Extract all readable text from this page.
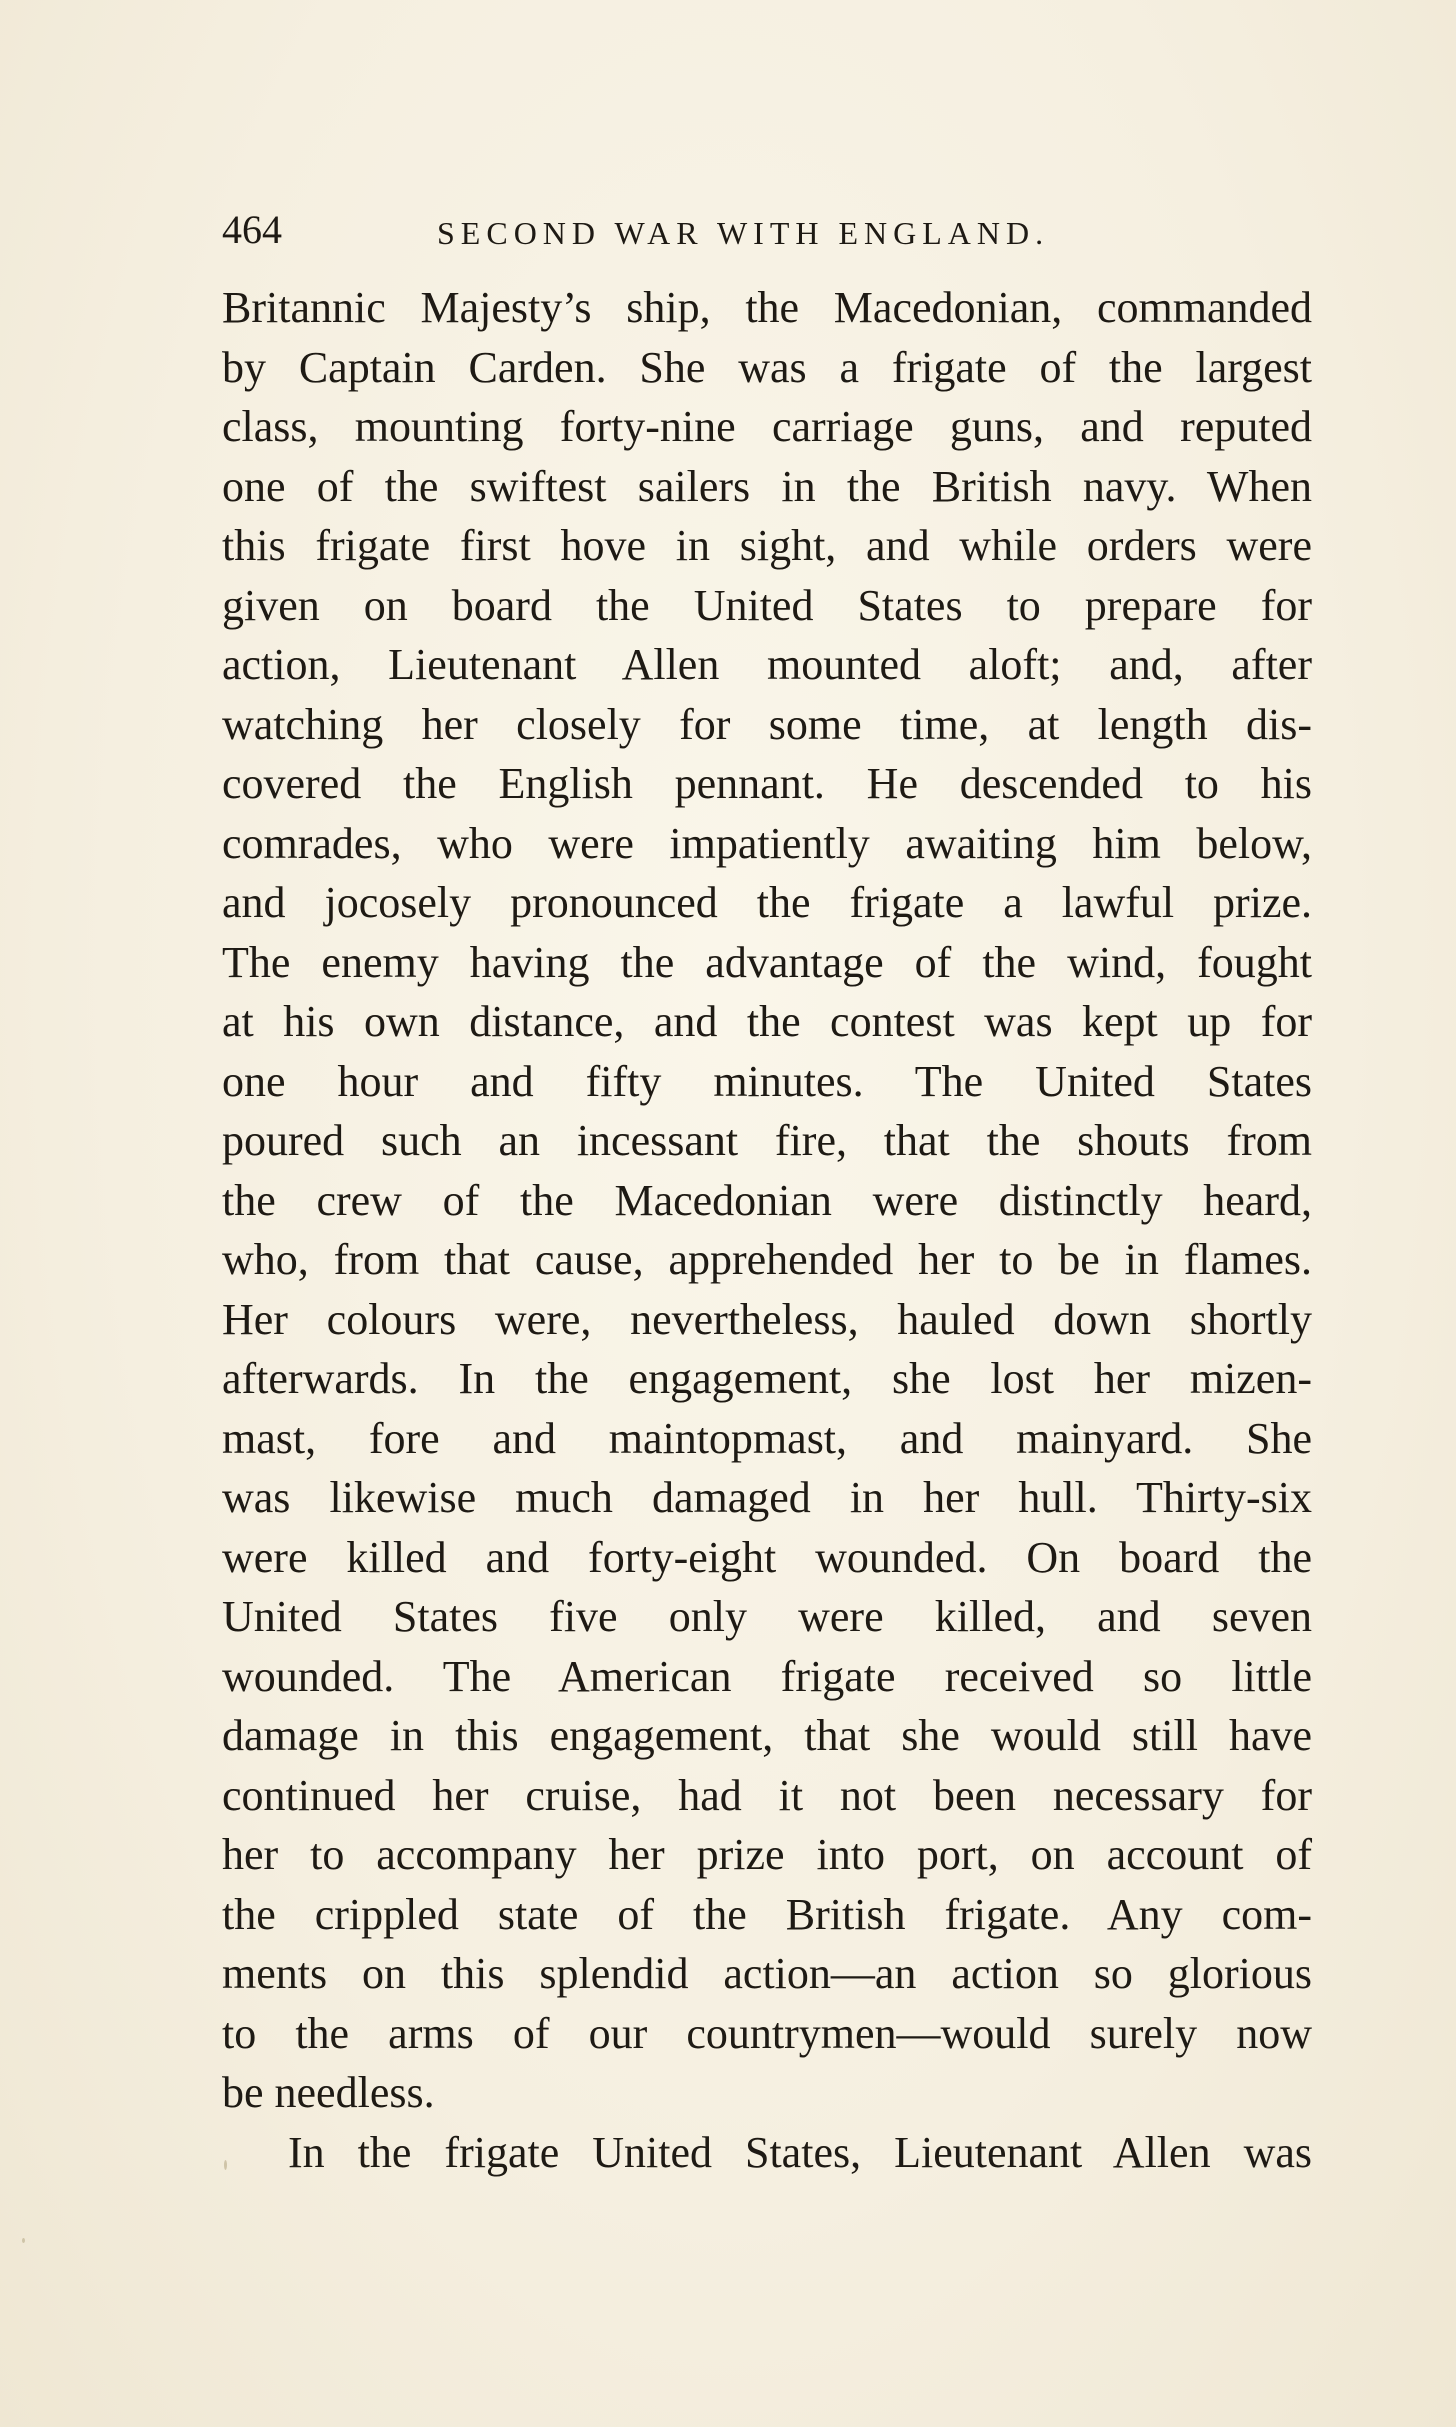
464	SECOND WAR WITH ENGLAND.
Britannic Majesty’s ship, the Macedonian, commanded
by Captain Carden. She was a frigate of the largest
class, mounting forty-nine carriage guns, and reputed
one of the swiftest sailers in the British navy. When
this frigate first hove in sight, and while orders were
given on board the United States to prepare for
action, Lieutenant Allen mounted aloft; and, after
watching her closely for some time, at length dis-
covered the English pennant. He descended to his
comrades, who were impatiently awaiting him below,
and jocosely pronounced the frigate a lawful prize.
The enemy having the advantage of the wind, fought
at his own distance, and the contest was kept up for
one hour and fifty minutes. The United States
poured such an incessant fire, that the shouts from
the crew of the Macedonian were distinctly heard,
who, from that cause, apprehended her to be in flames.
Her colours were, nevertheless, hauled down shortly
afterwards. In the engagement, she lost her mizen-
mast, fore and maintopmast, and mainyard. She
was likewise much damaged in her hull. Thirty-six
were killed and forty-eight wounded. On board the
United States five only were killed, and seven
wounded. The American frigate received so little
damage in this engagement, that she would still have
continued her cruise, had it not been necessary for
her to accompany her prize into port, on account of
the crippled state of the British frigate. Any com-
ments on this splendid action—an action so glorious
to the arms of our countrymen—would surely now
be needless.
In the frigate United States, Lieutenant Allen was
